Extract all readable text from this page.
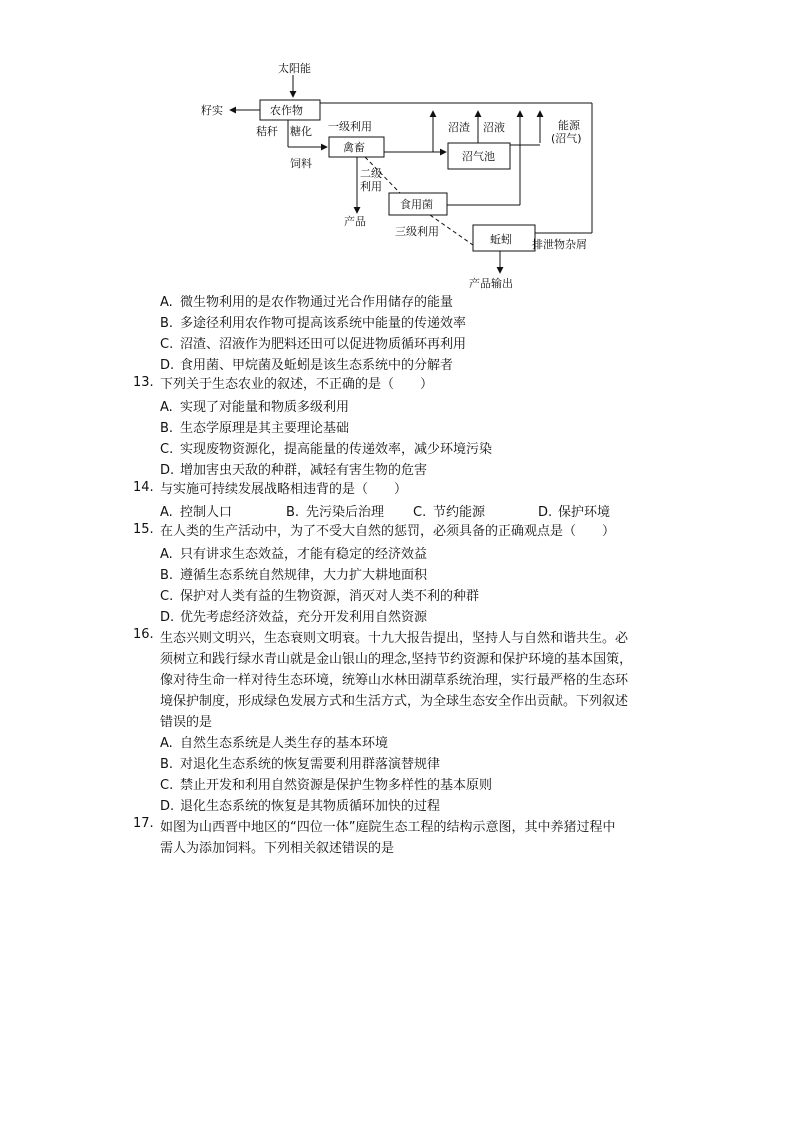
太阳能
农作物
籽实
秸秆 糖化
饲料
一级利用
禽畜
二级
利用
产品
食用菌
三级利用
沼气池
沼渣 沼液	能源
(沼气)
蚯蚓 排泄物杂屑
产品输出
A. 微生物利用的是农作物通过光合作用储存的能量
B. 多途径利用农作物可提高该系统中能量的传递效率
C. 沼渣、沼液作为肥料还田可以促进物质循环再利用
D. 食用菌、甲烷菌及蚯蚓是该生态系统中的分解者
13. 下列关于生态农业的叙述，不正确的是（　　）
A. 实现了对能量和物质多级利用
B. 生态学原理是其主要理论基础
C. 实现废物资源化，提高能量的传递效率，减少环境污染
D. 增加害虫天敌的种群，减轻有害生物的危害
14. 与实施可持续发展战略相违背的是（　　）
A. 控制人口	B. 先污染后治理 C. 节约能源	D. 保护环境
15. 在人类的生产活动中，为了不受大自然的惩罚，必须具备的正确观点是（　　）
A. 只有讲求生态效益，才能有稳定的经济效益
B. 遵循生态系统自然规律，大力扩大耕地面积
C. 保护对人类有益的生物资源，消灭对人类不利的种群
D. 优先考虑经济效益，充分开发利用自然资源
16. 生态兴则文明兴，生态衰则文明衰。十九大报告提出，坚持人与自然和谐共生。必
须树立和践行绿水青山就是金山银山的理念,坚持节约资源和保护环境的基本国策，
像对待生命一样对待生态环境，统筹山水林田湖草系统治理，实行最严格的生态环
境保护制度，形成绿色发展方式和生活方式，为全球生态安全作出贡献。下列叙述
错误的是
A. 自然生态系统是人类生存的基本环境
B. 对退化生态系统的恢复需要利用群落演替规律
C. 禁止开发和利用自然资源是保护生物多样性的基本原则
D. 退化生态系统的恢复是其物质循环加快的过程
17. 如图为山西晋中地区的“四位一体”庭院生态工程的结构示意图，其中养猪过程中
需人为添加饲料。下列相关叙述错误的是
